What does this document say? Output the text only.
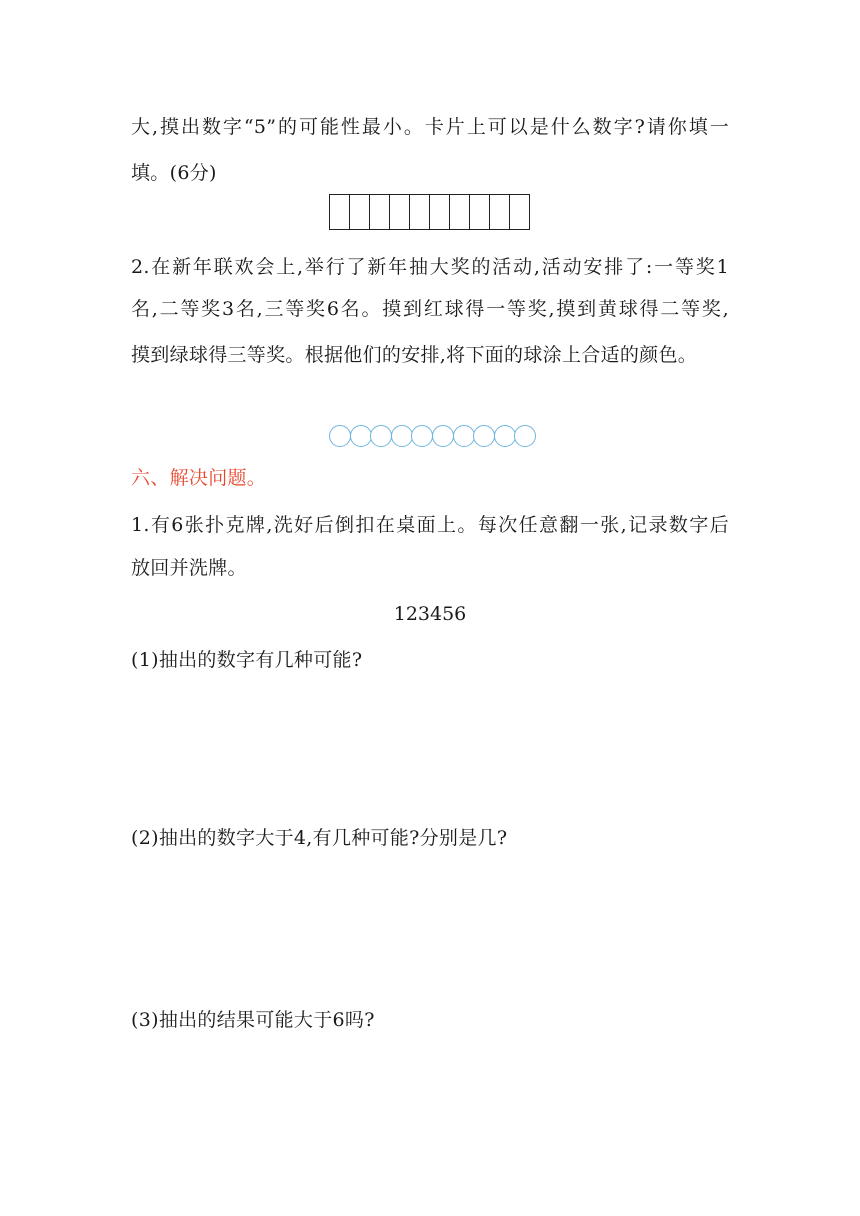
大,摸出数字“5”的可能性最小。卡片上可以是什么数字?请你填一
填。(6分)
2.在新年联欢会上,举行了新年抽大奖的活动,活动安排了:一等奖1
名,二等奖3名,三等奖6名。摸到红球得一等奖,摸到黄球得二等奖,
摸到绿球得三等奖。根据他们的安排,将下面的球涂上合适的颜色。
六、解决问题。
1.有6张扑克牌,洗好后倒扣在桌面上。每次任意翻一张,记录数字后
放回并洗牌。
123456
(1)抽出的数字有几种可能?
(2)抽出的数字大于4,有几种可能?分别是几?
(3)抽出的结果可能大于6吗?
